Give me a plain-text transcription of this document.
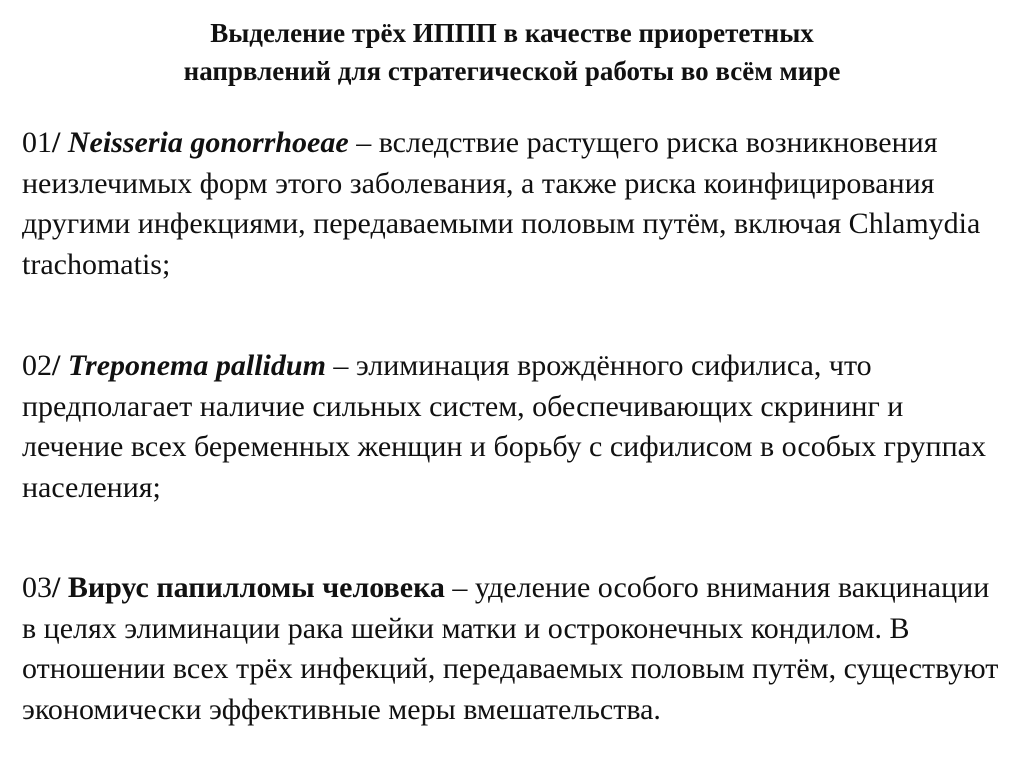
Выделение трёх ИППП в качестве приорететных
напрвлений для стратегической работы во всём мире
01/ Neisseria gonorrhoeae – вследствие растущего риска возникновения неизлечимых форм этого заболевания, а также риска коинфицирования другими инфекциями, передаваемыми половым путём, включая Chlamydia trachomatis;
02/ Treponema pallidum – элиминация врождённого сифилиса, что предполагает наличие сильных систем, обеспечивающих скрининг и лечение всех беременных женщин и борьбу с сифилисом в особых группах населения;
03/ Вирус папилломы человека – уделение особого внимания вакцинации в целях элиминации рака шейки матки и остроконечных кондилом. В отношении всех трёх инфекций, передаваемых половым путём, существуют экономически эффективные меры вмешательства.
